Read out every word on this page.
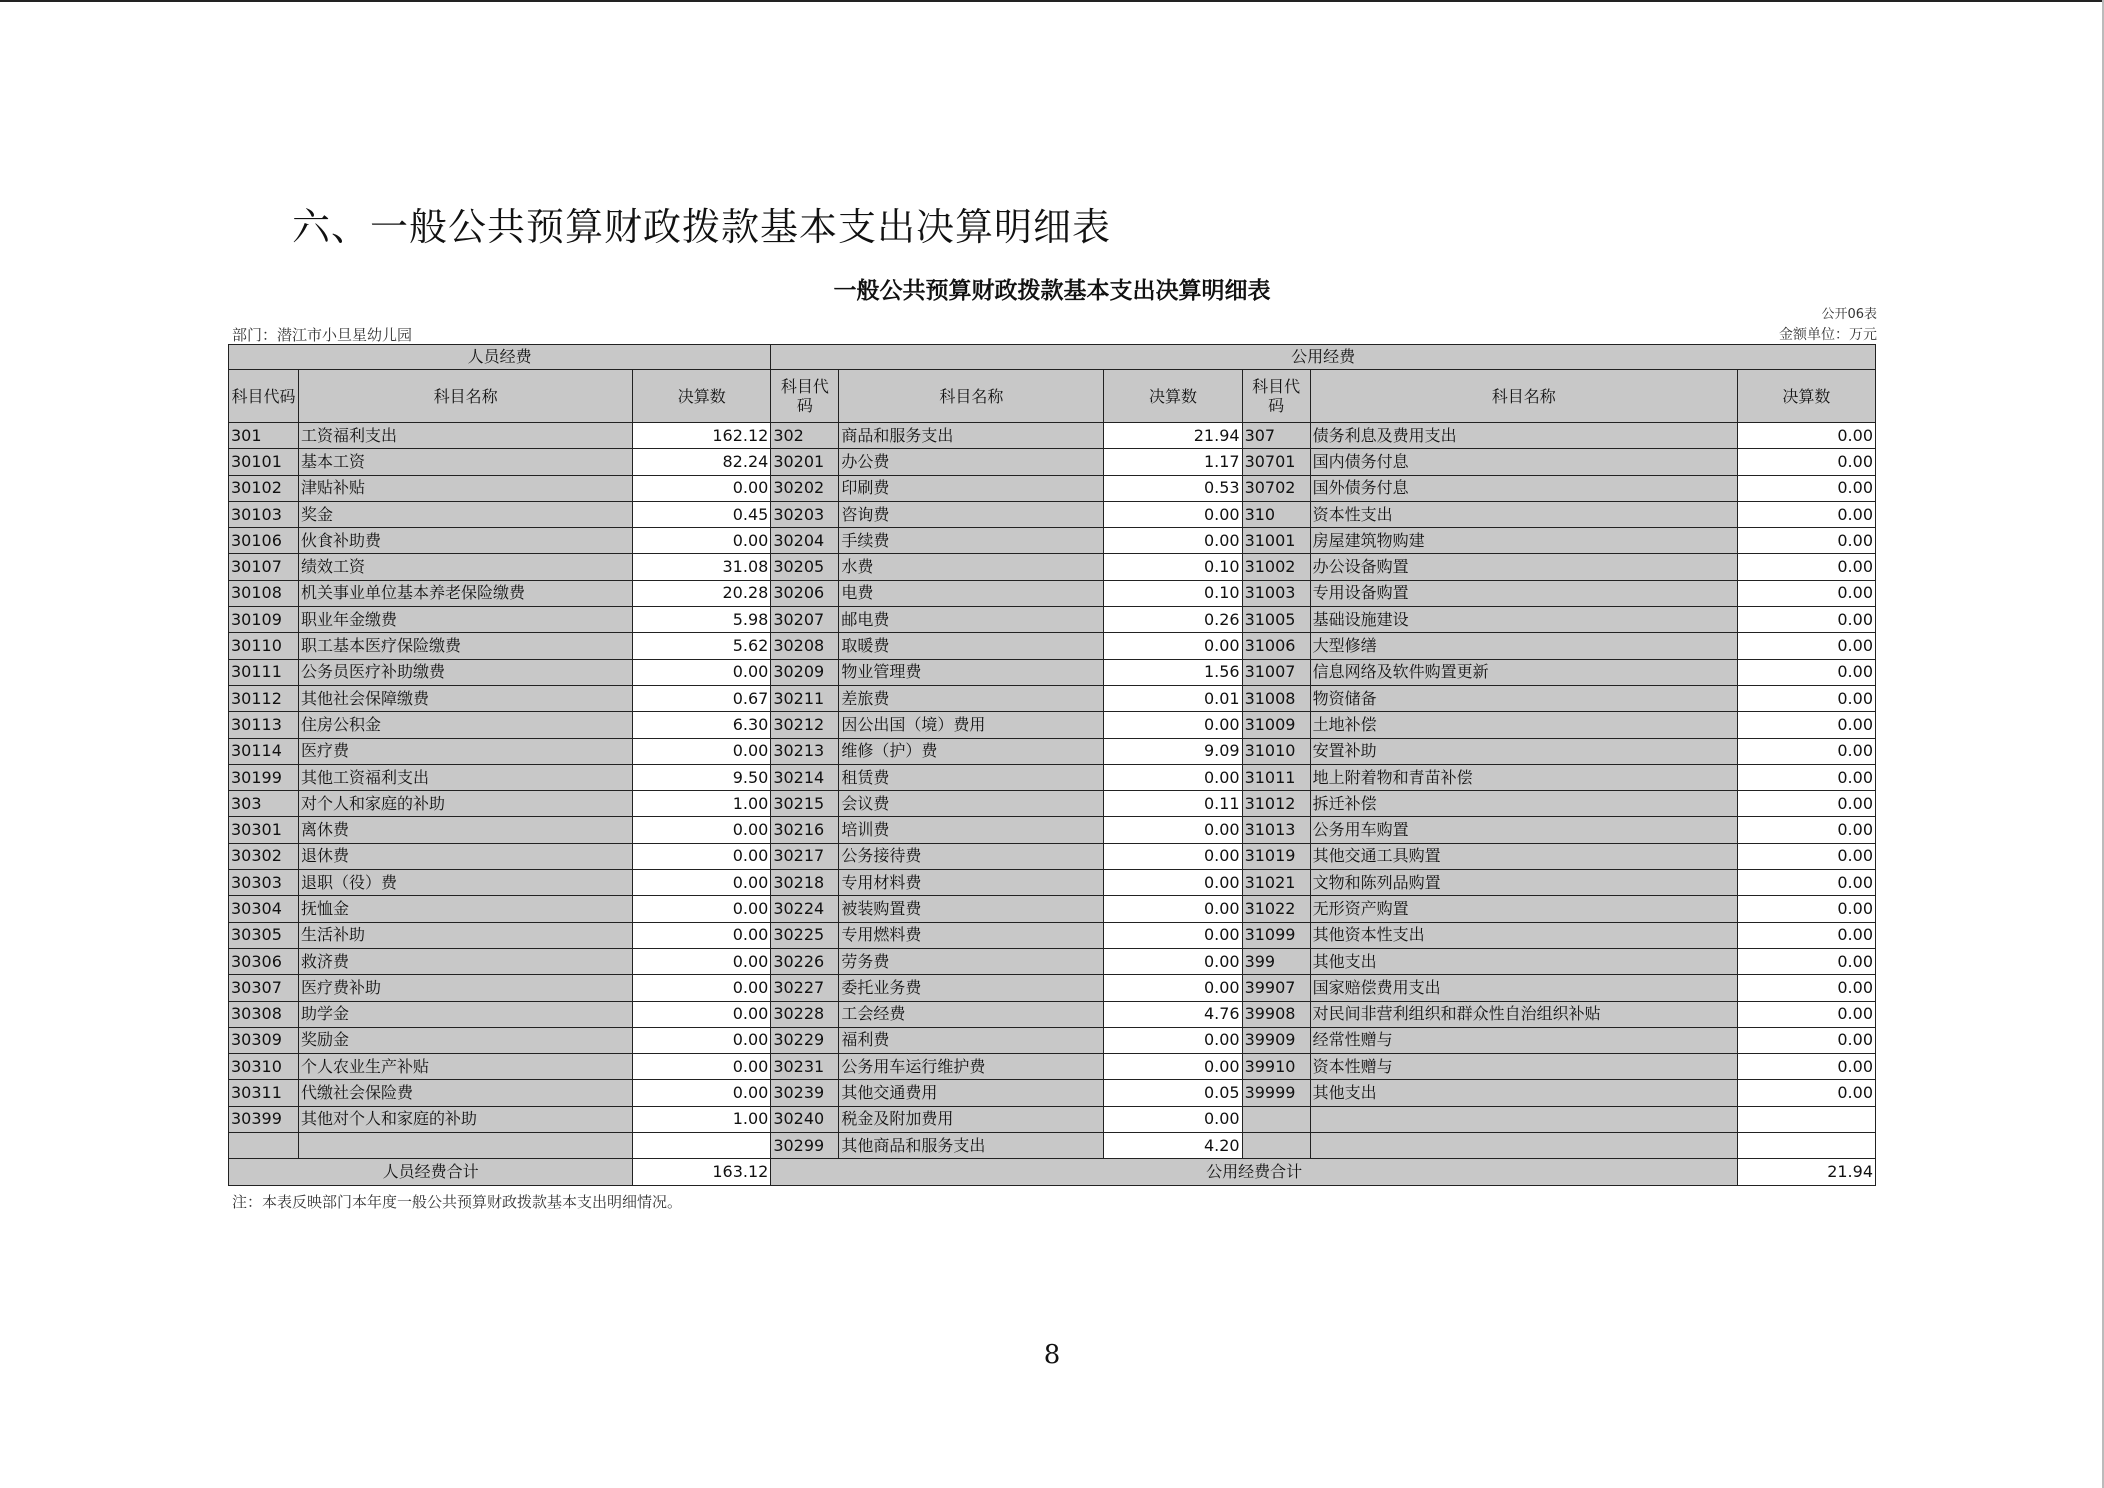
六、一般公共预算财政拨款基本支出决算明细表
一般公共预算财政拨款基本支出决算明细表
公开06表
部门：潜江市小旦星幼儿园	金额单位：万元
人员经费			公用经费					
科目代码	科目名称	决算数	科目代码	科目名称	决算数	科目代码	科目名称	决算数
301	工资福利支出	162.12	302	商品和服务支出	21.94	307	债务利息及费用支出	0.00
30101	基本工资	82.24	30201	办公费	1.17	30701	国内债务付息	0.00
30102	津贴补贴	0.00	30202	印刷费	0.53	30702	国外债务付息	0.00
30103	奖金	0.45	30203	咨询费	0.00	310	资本性支出	0.00
30106	伙食补助费	0.00	30204	手续费	0.00	31001	房屋建筑物购建	0.00
30107	绩效工资	31.08	30205	水费	0.10	31002	办公设备购置	0.00
30108	机关事业单位基本养老保险缴费	20.28	30206	电费	0.10	31003	专用设备购置	0.00
30109	职业年金缴费	5.98	30207	邮电费	0.26	31005	基础设施建设	0.00
30110	职工基本医疗保险缴费	5.62	30208	取暖费	0.00	31006	大型修缮	0.00
30111	公务员医疗补助缴费	0.00	30209	物业管理费	1.56	31007	信息网络及软件购置更新	0.00
30112	其他社会保障缴费	0.67	30211	差旅费	0.01	31008	物资储备	0.00
30113	住房公积金	6.30	30212	因公出国（境）费用	0.00	31009	土地补偿	0.00
30114	医疗费	0.00	30213	维修（护）费	9.09	31010	安置补助	0.00
30199	其他工资福利支出	9.50	30214	租赁费	0.00	31011	地上附着物和青苗补偿	0.00
303	对个人和家庭的补助	1.00	30215	会议费	0.11	31012	拆迁补偿	0.00
30301	离休费	0.00	30216	培训费	0.00	31013	公务用车购置	0.00
30302	退休费	0.00	30217	公务接待费	0.00	31019	其他交通工具购置	0.00
30303	退职（役）费	0.00	30218	专用材料费	0.00	31021	文物和陈列品购置	0.00
30304	抚恤金	0.00	30224	被装购置费	0.00	31022	无形资产购置	0.00
30305	生活补助	0.00	30225	专用燃料费	0.00	31099	其他资本性支出	0.00
30306	救济费	0.00	30226	劳务费	0.00	399	其他支出	0.00
30307	医疗费补助	0.00	30227	委托业务费	0.00	39907	国家赔偿费用支出	0.00
30308	助学金	0.00	30228	工会经费	4.76	39908	对民间非营利组织和群众性自治组织补贴	0.00
30309	奖励金	0.00	30229	福利费	0.00	39909	经常性赠与	0.00
30310	个人农业生产补贴	0.00	30231	公务用车运行维护费	0.00	39910	资本性赠与	0.00
30311	代缴社会保险费	0.00	30239	其他交通费用	0.05	39999	其他支出	0.00
30399	其他对个人和家庭的补助	1.00	30240	税金及附加费用	0.00			
			30299	其他商品和服务支出	4.20			
人员经费合计		163.12	公用经费合计					21.94
注：本表反映部门本年度一般公共预算财政拨款基本支出明细情况。
8
